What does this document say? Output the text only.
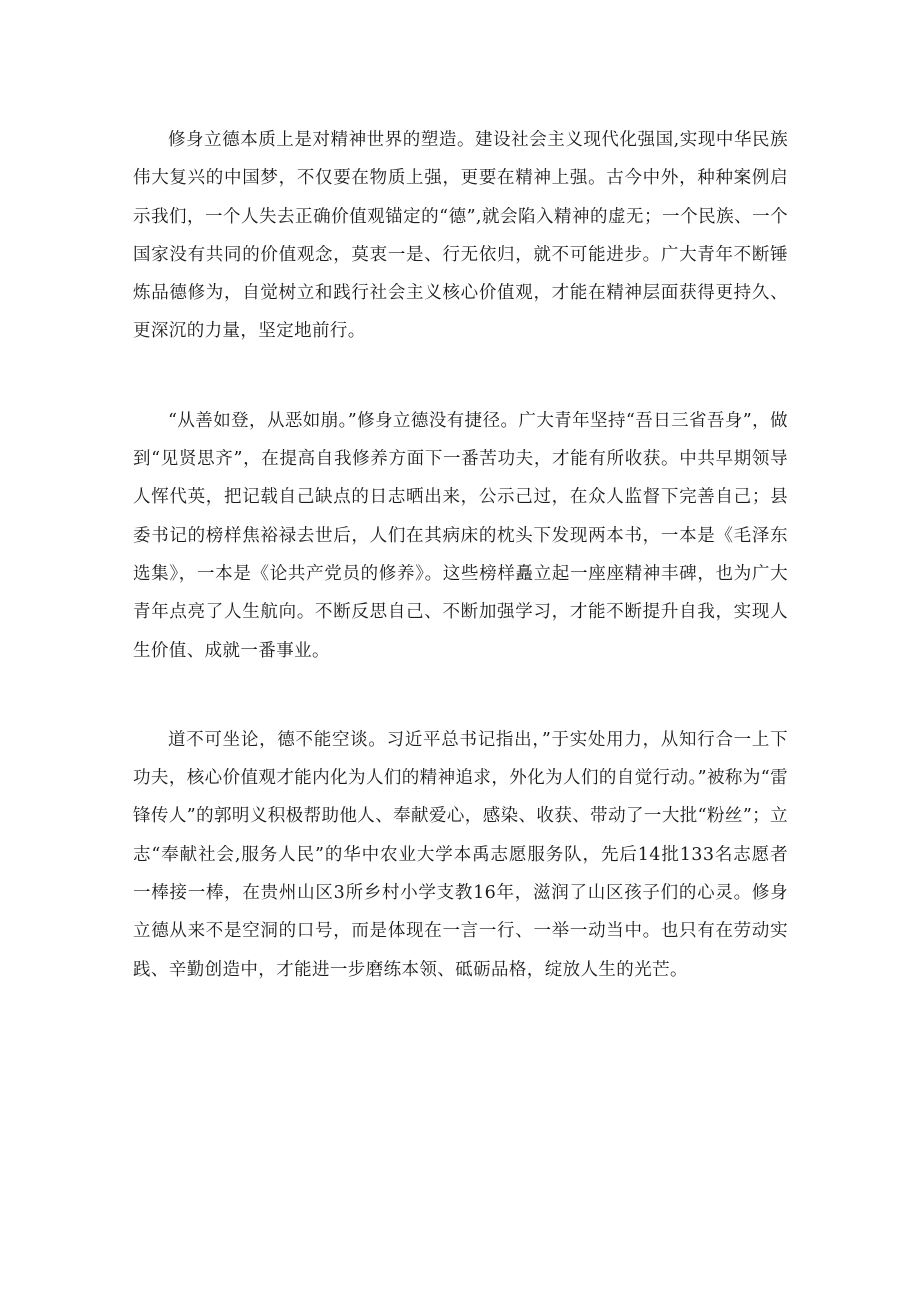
修身立德本质上是对精神世界的塑造。建设社会主义现代化强国,实现中华民族伟大复兴的中国梦，不仅要在物质上强，更要在精神上强。古今中外，种种案例启示我们，一个人失去正确价值观锚定的“德”,就会陷入精神的虚无；一个民族、一个国家没有共同的价值观念，莫衷一是、行无依归，就不可能进步。广大青年不断锤炼品德修为，自觉树立和践行社会主义核心价值观，才能在精神层面获得更持久、更深沉的力量，坚定地前行。

“从善如登，从恶如崩。”修身立德没有捷径。广大青年坚持“吾日三省吾身”，做到“见贤思齐”，在提高自我修养方面下一番苦功夫，才能有所收获。中共早期领导人恽代英，把记载自己缺点的日志晒出来，公示己过，在众人监督下完善自己；县委书记的榜样焦裕禄去世后，人们在其病床的枕头下发现两本书，一本是《毛泽东选集》，一本是《论共产党员的修养》。这些榜样矗立起一座座精神丰碑，也为广大青年点亮了人生航向。不断反思自己、不断加强学习，才能不断提升自我，实现人生价值、成就一番事业。

道不可坐论，德不能空谈。习近平总书记指出，”于实处用力，从知行合一上下功夫，核心价值观才能内化为人们的精神追求，外化为人们的自觉行动。”被称为“雷锋传人”的郭明义积极帮助他人、奉献爱心，感染、收获、带动了一大批“粉丝”；立志“奉献社会,服务人民”的华中农业大学本禹志愿服务队，先后14批133名志愿者一棒接一棒，在贵州山区3所乡村小学支教16年，滋润了山区孩子们的心灵。修身立德从来不是空洞的口号，而是体现在一言一行、一举一动当中。也只有在劳动实践、辛勤创造中，才能进一步磨练本领、砥砺品格，绽放人生的光芒。
